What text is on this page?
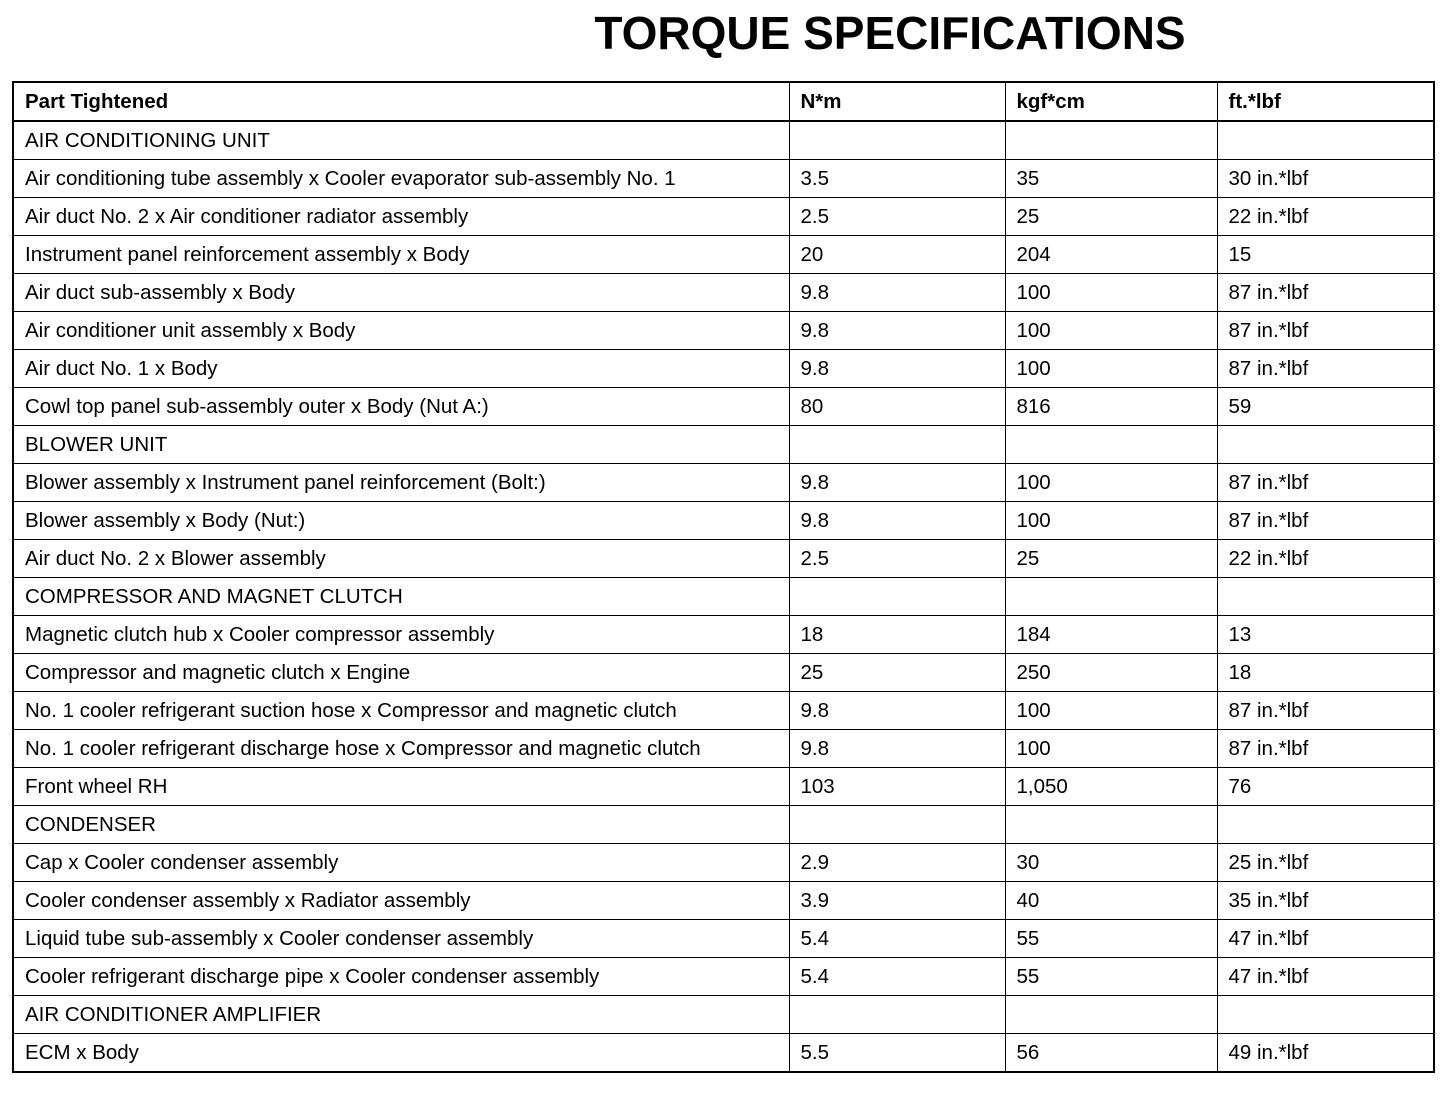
TORQUE SPECIFICATIONS
Part Tightened	N*m	kgf*cm	ft.*lbf
AIR CONDITIONING UNIT			
Air conditioning tube assembly x Cooler evaporator sub-assembly No. 1	3.5	35	30 in.*lbf
Air duct No. 2 x Air conditioner radiator assembly	2.5	25	22 in.*lbf
Instrument panel reinforcement assembly x Body	20	204	15
Air duct sub-assembly x Body	9.8	100	87 in.*lbf
Air conditioner unit assembly x Body	9.8	100	87 in.*lbf
Air duct No. 1 x Body	9.8	100	87 in.*lbf
Cowl top panel sub-assembly outer x Body (Nut A:)	80	816	59
BLOWER UNIT			
Blower assembly x Instrument panel reinforcement (Bolt:)	9.8	100	87 in.*lbf
Blower assembly x Body (Nut:)	9.8	100	87 in.*lbf
Air duct No. 2 x Blower assembly	2.5	25	22 in.*lbf
COMPRESSOR AND MAGNET CLUTCH			
Magnetic clutch hub x Cooler compressor assembly	18	184	13
Compressor and magnetic clutch x Engine	25	250	18
No. 1 cooler refrigerant suction hose x Compressor and magnetic clutch	9.8	100	87 in.*lbf
No. 1 cooler refrigerant discharge hose x Compressor and magnetic clutch	9.8	100	87 in.*lbf
Front wheel RH	103	1,050	76
CONDENSER			
Cap x Cooler condenser assembly	2.9	30	25 in.*lbf
Cooler condenser assembly x Radiator assembly	3.9	40	35 in.*lbf
Liquid tube sub-assembly x Cooler condenser assembly	5.4	55	47 in.*lbf
Cooler refrigerant discharge pipe x Cooler condenser assembly	5.4	55	47 in.*lbf
AIR CONDITIONER AMPLIFIER			
ECM x Body	5.5	56	49 in.*lbf
